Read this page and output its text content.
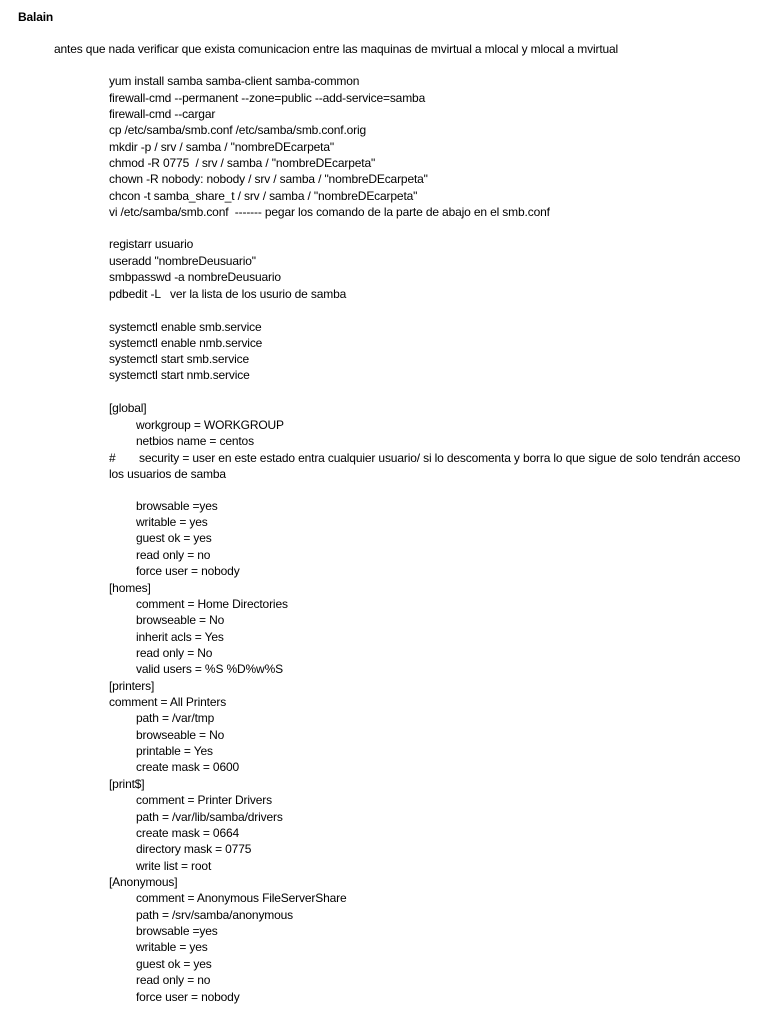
Balain
antes que nada verificar que exista comunicacion entre las maquinas de mvirtual a mlocal y mlocal a mvirtual
yum install samba samba-client samba-common
firewall-cmd --permanent --zone=public --add-service=samba
firewall-cmd --cargar
cp /etc/samba/smb.conf /etc/samba/smb.conf.orig
mkdir -p / srv / samba / "nombreDEcarpeta"
chmod -R 0775  / srv / samba / "nombreDEcarpeta"
chown -R nobody: nobody / srv / samba / "nombreDEcarpeta"
chcon -t samba_share_t / srv / samba / "nombreDEcarpeta"
vi /etc/samba/smb.conf  ------- pegar los comando de la parte de abajo en el smb.conf
registarr usuario
useradd "nombreDeusuario"
smbpasswd -a nombreDeusuario
pdbedit -L   ver la lista de los usurio de samba
systemctl enable smb.service
systemctl enable nmb.service
systemctl start smb.service
systemctl start nmb.service
[global]
workgroup = WORKGROUP
netbios name = centos
#	security = user en este estado entra cualquier usuario/ si lo descomenta y borra lo que sigue de solo tendrán acceso los usuarios de samba
browsable =yes
writable = yes
guest ok = yes
read only = no
force user = nobody
[homes]
comment = Home Directories
browseable = No
inherit acls = Yes
read only = No
valid users = %S %D%w%S
[printers]
comment = All Printers
path = /var/tmp
browseable = No
printable = Yes
create mask = 0600
[print$]
comment = Printer Drivers
path = /var/lib/samba/drivers
create mask = 0664
directory mask = 0775
write list = root
[Anonymous]
comment = Anonymous FileServerShare
path = /srv/samba/anonymous
browsable =yes
writable = yes
guest ok = yes
read only = no
force user = nobody
